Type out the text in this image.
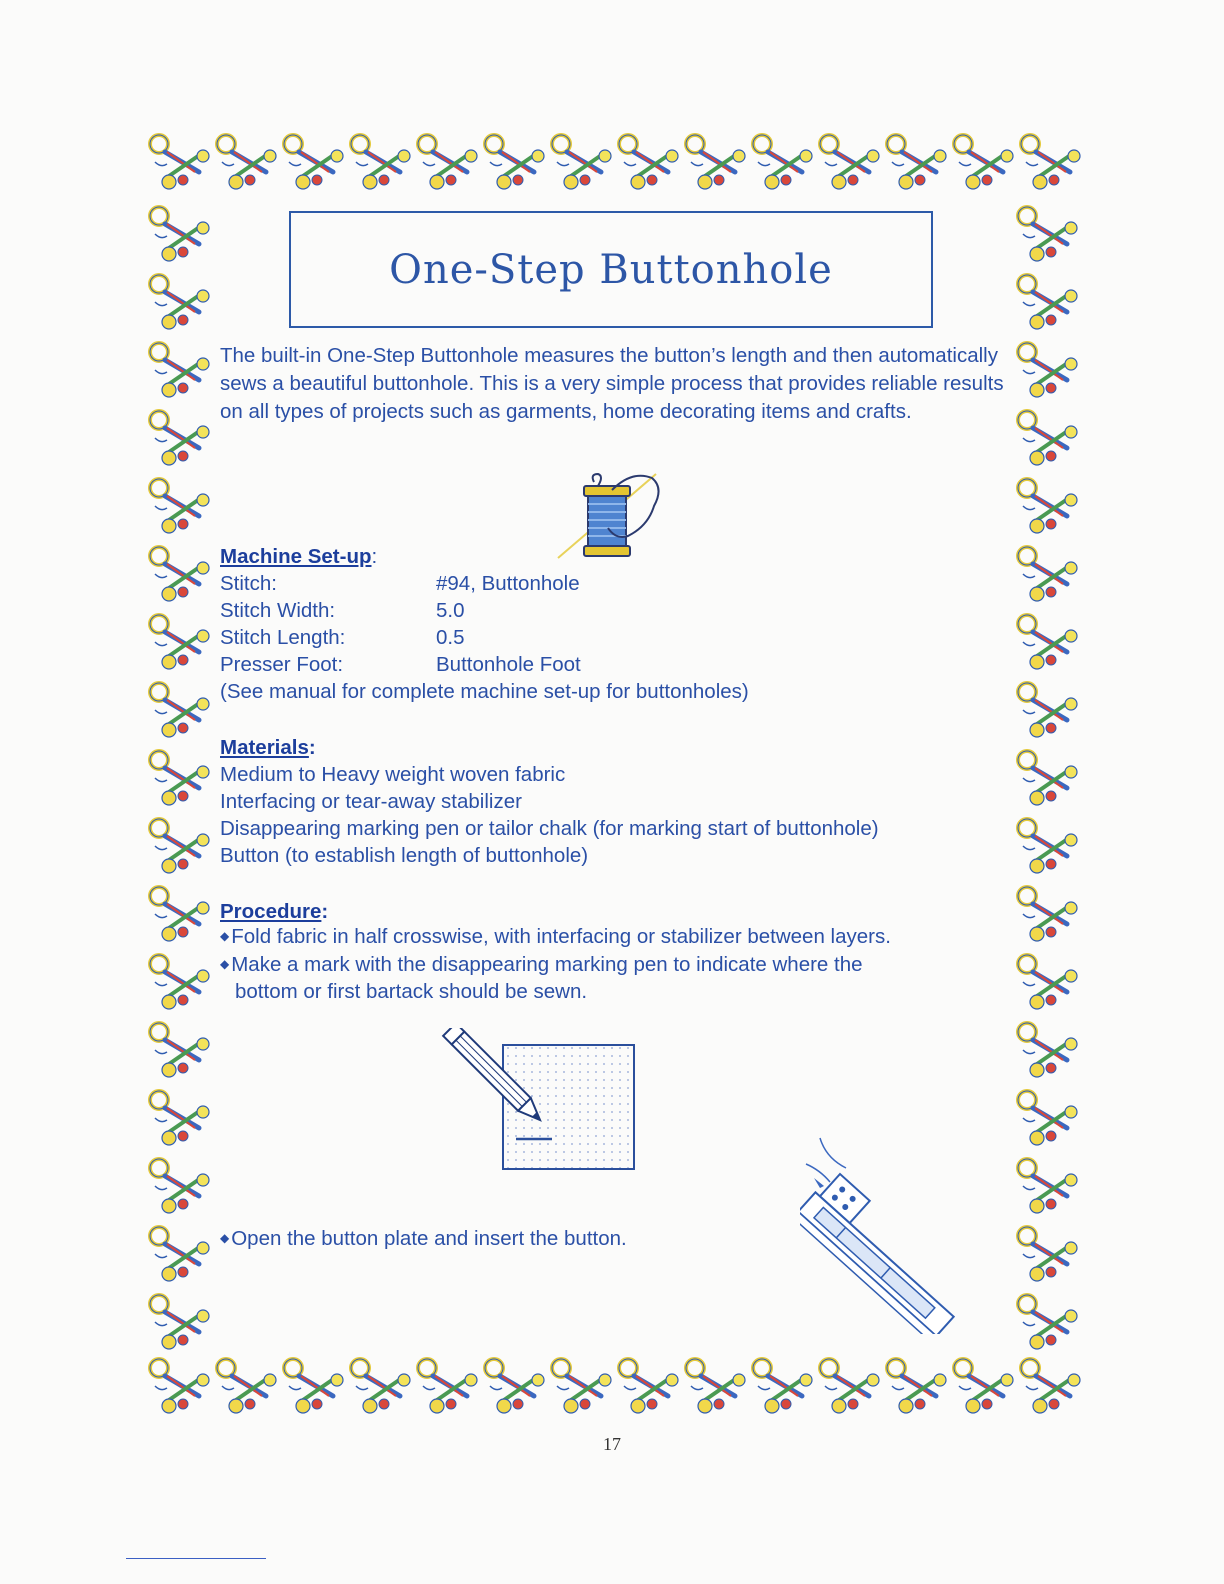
One-Step Buttonhole

The built-in One-Step Buttonhole measures the button’s length and then automatically sews a beautiful buttonhole. This is a very simple process that provides reliable results on all types of projects such as garments, home decorating items and crafts.

Machine Set-up:
Stitch:	#94, Buttonhole
Stitch Width:	5.0
Stitch Length:	0.5
Presser Foot:	Buttonhole Foot
(See manual for complete machine set-up for buttonholes)
Materials:
Medium to Heavy weight woven fabric
Interfacing or tear-away stabilizer
Disappearing marking pen or tailor chalk (for marking start of buttonhole)
Button (to establish length of buttonhole)
Procedure:
◆Fold fabric in half crosswise, with interfacing or stabilizer between layers.
◆Make a mark with the disappearing marking pen to indicate where the
bottom or first bartack should be sewn.
◆Open the button plate and insert the button.
17
